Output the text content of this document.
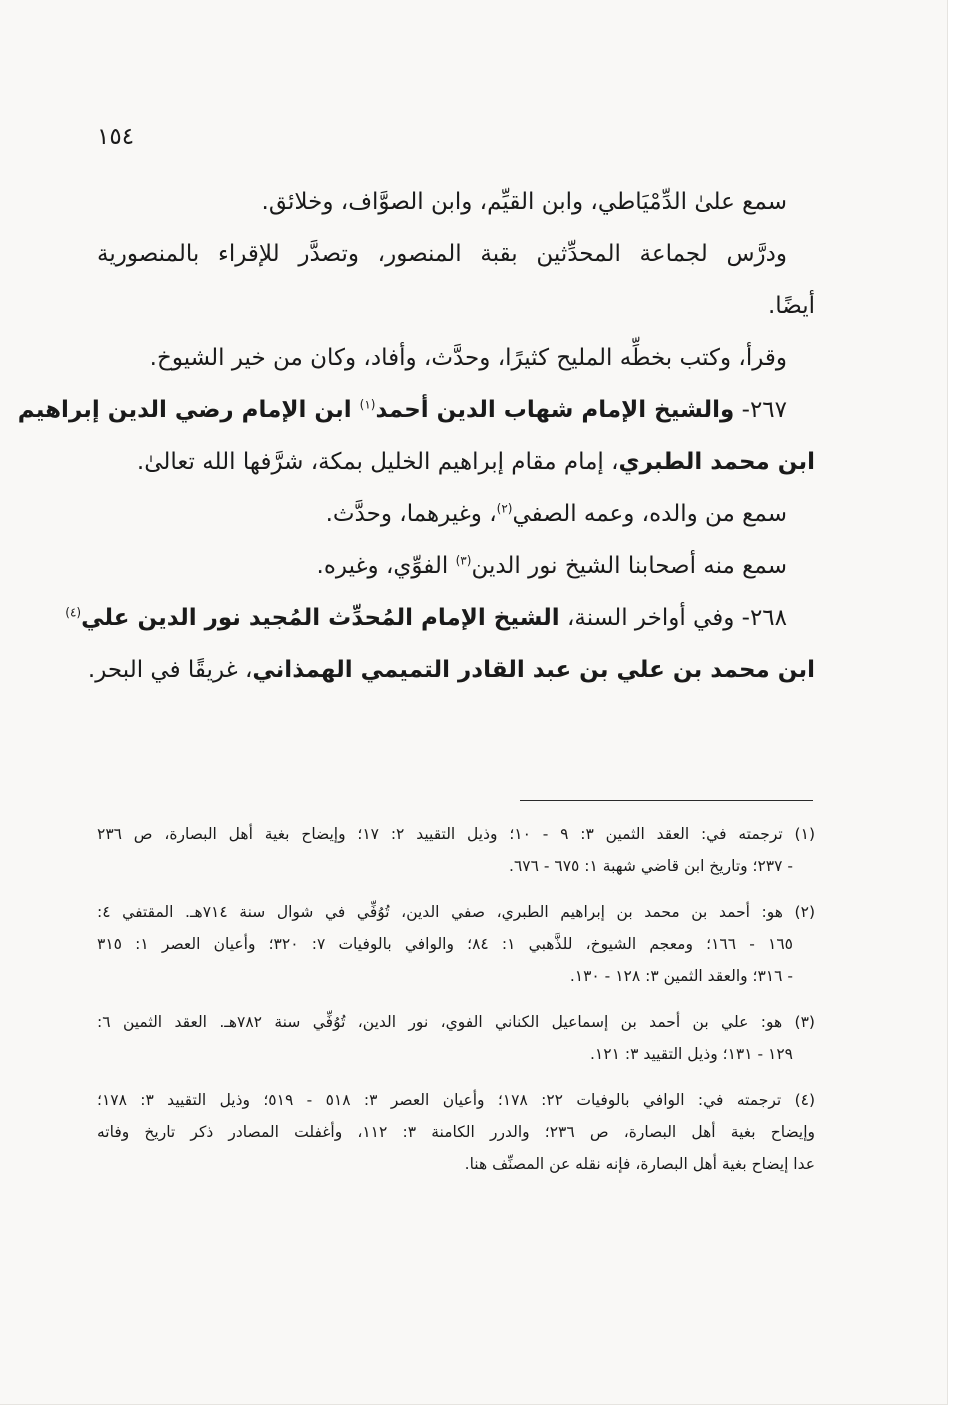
١٥٤
سمع علىٰ الدِّمْيَاطي، وابن القيِّم، وابن الصوَّاف، وخلائق.
ودرَّس لجماعة المحدِّثين بقبة المنصور، وتصدَّر للإقراء بالمنصورية
أيضًا.
وقرأ، وكتب بخطِّه المليح كثيرًا، وحدَّث، وأفاد، وكان من خير الشيوخ.
٢٦٧- والشيخ الإمام شهاب الدين أحمد$^{(١)}$ ابن الإمام رضي الدين إبراهيم
ابن محمد الطبري، إمام مقام إبراهيم الخليل بمكة، شرَّفها الله تعالىٰ.
سمع من والده، وعمه الصفي$^{(٢)}$، وغيرهما، وحدَّث.
سمع منه أصحابنا الشيخ نور الدين$^{(٣)}$ الفوِّي، وغيره.
٢٦٨- وفي أواخر السنة، الشيخ الإمام المُحدِّث المُجيد نور الدين علي$^{(٤)}$
ابن محمد بن علي بن عبد القادر التميمي الهمذاني، غريقًا في البحر.
(١) ترجمته في: العقد الثمين ٣: ٩ - ١٠؛ وذيل التقييد ٢: ١٧؛ وإيضاح بغية أهل البصارة، ص ٢٣٦
- ٢٣٧؛ وتاريخ ابن قاضي شهبة ١: ٦٧٥ - ٦٧٦.
(٢) هو: أحمد بن محمد بن إبراهيم الطبري، صفي الدين، تُوُفِّي في شوال سنة ٧١٤هـ. المقتفي ٤:
١٦٥ - ١٦٦؛ ومعجم الشيوخ، للذَّهبي ١: ٨٤؛ والوافي بالوفيات ٧: ٣٢٠؛ وأعيان العصر ١: ٣١٥
- ٣١٦؛ والعقد الثمين ٣: ١٢٨ - ١٣٠.
(٣) هو: علي بن أحمد بن إسماعيل الكناني الفوي، نور الدين، تُوُفِّي سنة ٧٨٢هـ. العقد الثمين ٦:
١٢٩ - ١٣١؛ وذيل التقييد ٣: ١٢١.
(٤) ترجمته في: الوافي بالوفيات ٢٢: ١٧٨؛ وأعيان العصر ٣: ٥١٨ - ٥١٩؛ وذيل التقييد ٣: ١٧٨؛
وإيضاح بغية أهل البصارة، ص ٢٣٦؛ والدرر الكامنة ٣: ١١٢، وأغفلت المصادر ذكر تاريخ وفاته
عدا إيضاح بغية أهل البصارة، فإنه نقله عن المصنِّف هنا.
